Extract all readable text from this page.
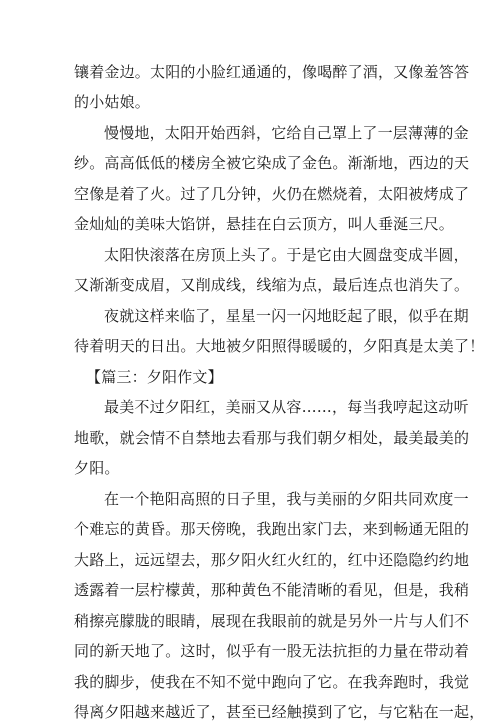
镶着金边。太阳的小脸红通通的，像喝醉了酒，又像羞答答
的小姑娘。
慢慢地，太阳开始西斜，它给自己罩上了一层薄薄的金
纱。高高低低的楼房全被它染成了金色。渐渐地，西边的天
空像是着了火。过了几分钟，火仍在燃烧着，太阳被烤成了
金灿灿的美味大馅饼，悬挂在白云顶方，叫人垂涎三尺。
太阳快滚落在房顶上头了。于是它由大圆盘变成半圆，
又渐渐变成眉，又削成线，线缩为点，最后连点也消失了。
夜就这样来临了，星星一闪一闪地眨起了眼，似乎在期
待着明天的日出。大地被夕阳照得暖暖的，夕阳真是太美了！
【篇三：夕阳作文】
最美不过夕阳红，美丽又从容……，每当我哼起这动听
地歌，就会情不自禁地去看那与我们朝夕相处，最美最美的
夕阳。
在一个艳阳高照的日子里，我与美丽的夕阳共同欢度一
个难忘的黄昏。那天傍晚，我跑出家门去，来到畅通无阻的
大路上，远远望去，那夕阳火红火红的，红中还隐隐约约地
透露着一层柠檬黄，那种黄色不能清晰的看见，但是，我稍
稍擦亮朦胧的眼睛，展现在我眼前的就是另外一片与人们不
同的新天地了。这时，似乎有一股无法抗拒的力量在带动着
我的脚步，使我在不知不觉中跑向了它。在我奔跑时，我觉
得离夕阳越来越近了，甚至已经触摸到了它，与它粘在一起，
